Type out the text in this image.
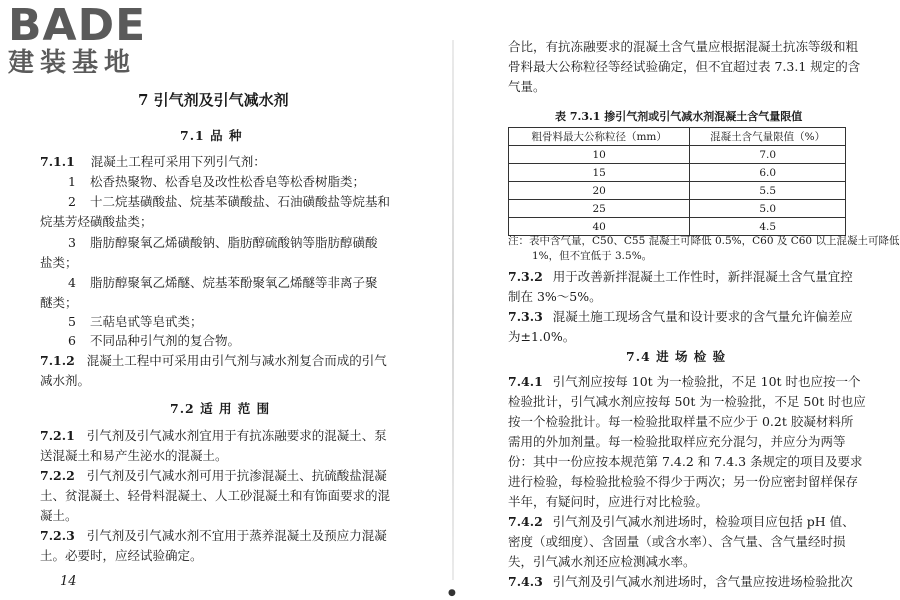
BADE
建装基地
●
7 引气剂及引气减水剂
7.1 品 种
7.1.1 混凝土工程可采用下列引气剂：
1 松香热聚物、松香皂及改性松香皂等松香树脂类；
2 十二烷基磺酸盐、烷基苯磺酸盐、石油磺酸盐等烷基和
烷基芳烃磺酸盐类；
3 脂肪醇聚氧乙烯磺酸钠、脂肪醇硫酸钠等脂肪醇磺酸
盐类；
4 脂肪醇聚氧乙烯醚、烷基苯酚聚氧乙烯醚等非离子聚
醚类；
5 三萜皂甙等皂甙类；
6 不同品种引气剂的复合物。
7.1.2 混凝土工程中可采用由引气剂与减水剂复合而成的引气
减水剂。
7.2 适 用 范 围
7.2.1 引气剂及引气减水剂宜用于有抗冻融要求的混凝土、泵
送混凝土和易产生泌水的混凝土。
7.2.2 引气剂及引气减水剂可用于抗渗混凝土、抗硫酸盐混凝
土、贫混凝土、轻骨料混凝土、人工砂混凝土和有饰面要求的混
凝土。
7.2.3 引气剂及引气减水剂不宜用于蒸养混凝土及预应力混凝
土。必要时，应经试验确定。
合比，有抗冻融要求的混凝土含气量应根据混凝土抗冻等级和粗
骨料最大公称粒径等经试验确定，但不宜超过表 7.3.1 规定的含
气量。
表 7.3.1 掺引气剂或引气减水剂混凝土含气量限值
粗骨料最大公称粒径（mm）	混凝土含气量限值（%）
10	7.0
15	6.0
20	5.5
25	5.0
40	4.5
注：表中含气量，C50、C55 混凝土可降低 0.5%，C60 及 C60 以上混凝土可降低
1%，但不宜低于 3.5%。
7.3.2 用于改善新拌混凝土工作性时，新拌混凝土含气量宜控
制在 3%～5%。
7.3.3 混凝土施工现场含气量和设计要求的含气量允许偏差应
为±1.0%。
7.4 进 场 检 验
7.4.1 引气剂应按每 10t 为一检验批，不足 10t 时也应按一个
检验批计，引气减水剂应按每 50t 为一检验批，不足 50t 时也应
按一个检验批计。每一检验批取样量不应少于 0.2t 胶凝材料所
需用的外加剂量。每一检验批取样应充分混匀，并应分为两等
份：其中一份应按本规范第 7.4.2 和 7.4.3 条规定的项目及要求
进行检验，每检验批检验不得少于两次；另一份应密封留样保存
半年，有疑问时，应进行对比检验。
7.4.2 引气剂及引气减水剂进场时，检验项目应包括 pH 值、
密度（或细度）、含固量（或含水率）、含气量、含气量经时损
失，引气减水剂还应检测减水率。
7.4.3 引气剂及引气减水剂进场时，含气量应按进场检验批次
14
